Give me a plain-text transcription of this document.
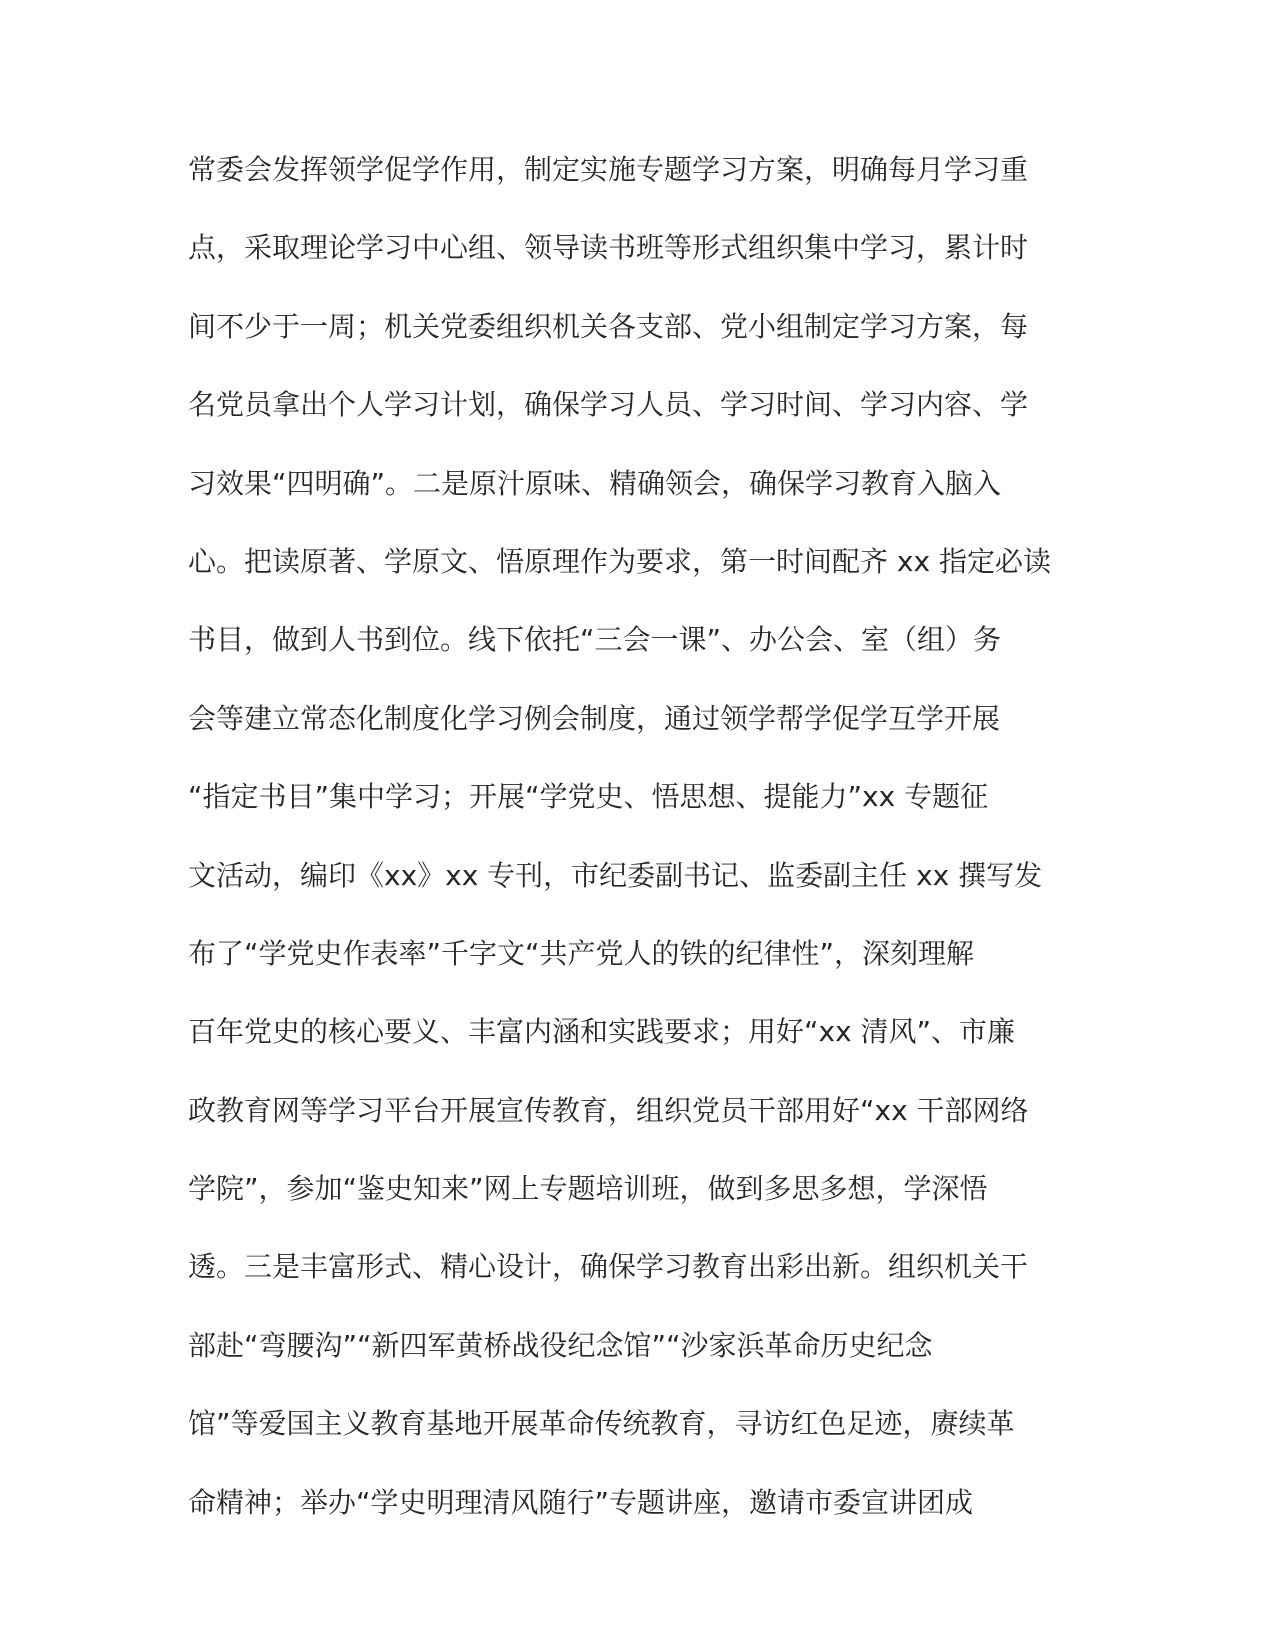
常委会发挥领学促学作用，制定实施专题学习方案，明确每月学习重
点，采取理论学习中心组、领导读书班等形式组织集中学习，累计时
间不少于一周；机关党委组织机关各支部、党小组制定学习方案，每
名党员拿出个人学习计划，确保学习人员、学习时间、学习内容、学
习效果“四明确”。二是原汁原味、精确领会，确保学习教育入脑入
心。把读原著、学原文、悟原理作为要求，第一时间配齐 xx 指定必读
书目，做到人书到位。线下依托“三会一课”、办公会、室（组）务
会等建立常态化制度化学习例会制度，通过领学帮学促学互学开展
“指定书目”集中学习；开展“学党史、悟思想、提能力”xx 专题征
文活动，编印《xx》xx 专刊，市纪委副书记、监委副主任 xx 撰写发
布了“学党史作表率”千字文“共产党人的铁的纪律性”，深刻理解
百年党史的核心要义、丰富内涵和实践要求；用好“xx 清风”、市廉
政教育网等学习平台开展宣传教育，组织党员干部用好“xx 干部网络
学院”，参加“鉴史知来”网上专题培训班，做到多思多想，学深悟
透。三是丰富形式、精心设计，确保学习教育出彩出新。组织机关干
部赴“弯腰沟”“新四军黄桥战役纪念馆”“沙家浜革命历史纪念
馆”等爱国主义教育基地开展革命传统教育，寻访红色足迹，赓续革
命精神；举办“学史明理清风随行”专题讲座，邀请市委宣讲团成
